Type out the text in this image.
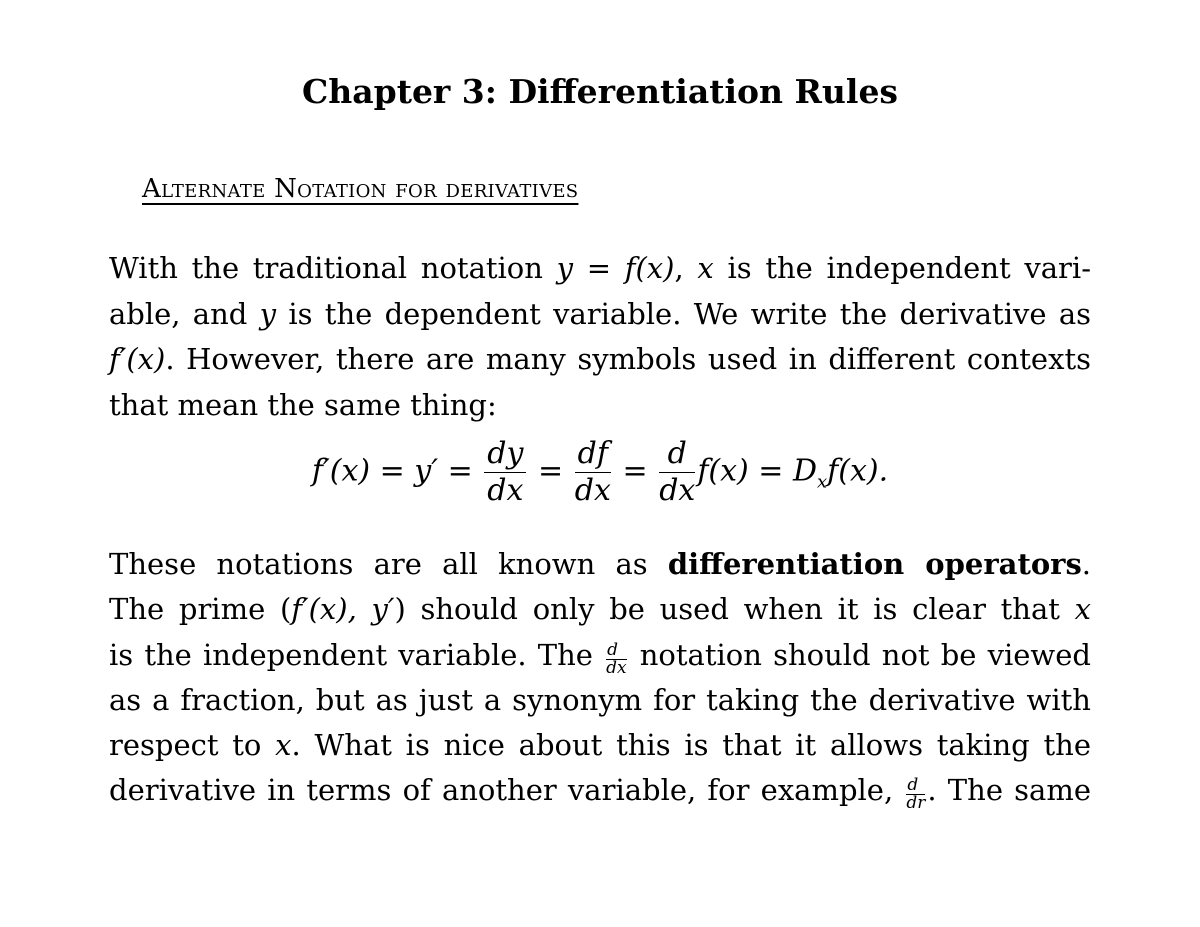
Chapter 3: Differentiation Rules
Alternate Notation for derivatives
With the traditional notation y = f(x), x is the independent vari-
able, and y is the dependent variable. We write the derivative as
f′(x). However, there are many symbols used in different contexts
that mean the same thing:
$f'(x) = y' = \frac{dy}{dx} = \frac{df}{dx} = \frac{d}{dx} f(x) = D_xf(x)$.
These notations are all known as differentiation operators.
The prime (f′(x), y′) should only be used when it is clear that x
is the independent variable. The $\frac{d}{dx}$ notation should not be viewed
as a fraction, but as just a synonym for taking the derivative with
respect to x. What is nice about this is that it allows taking the
derivative in terms of another variable, for example, $\frac{d}{dr}$ . The same
